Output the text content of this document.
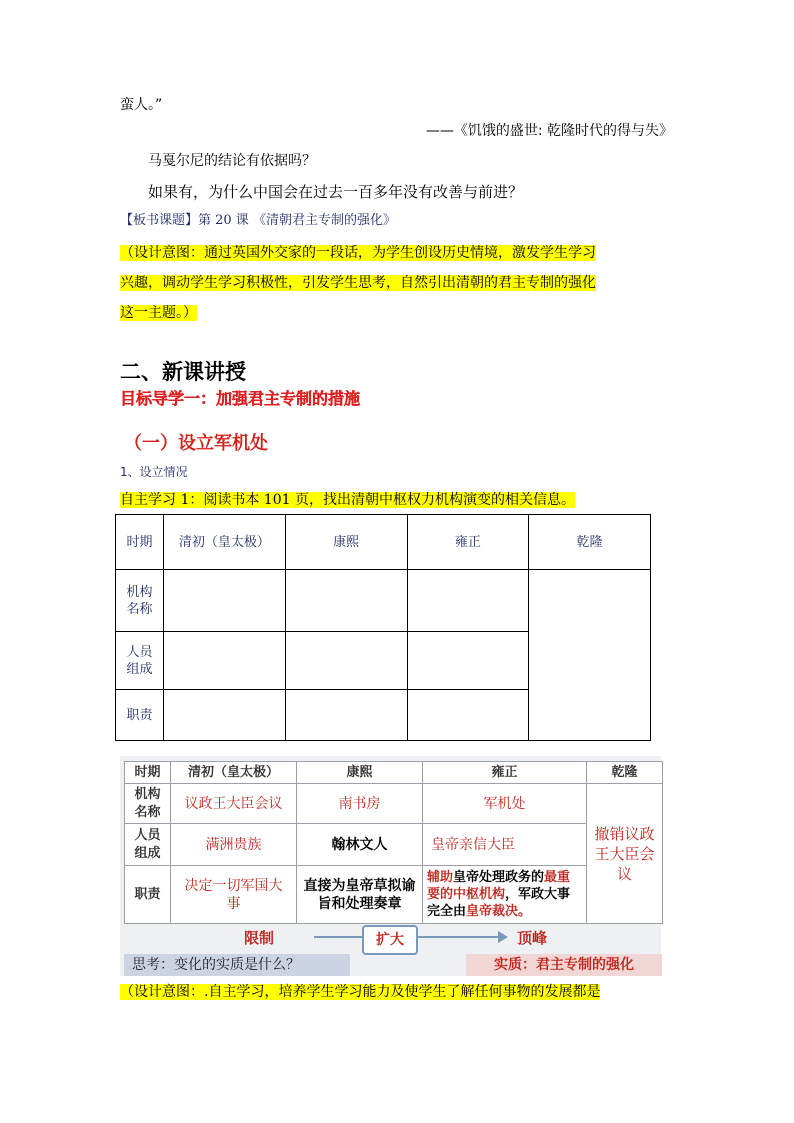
蛮人。”
——《饥饿的盛世: 乾隆时代的得与失》
马戛尔尼的结论有依据吗？
如果有，为什么中国会在过去一百多年没有改善与前进？
【板书课题】第 20 课 《清朝君主专制的强化》
（设计意图：通过英国外交家的一段话，为学生创设历史情境，激发学生学习
兴趣，调动学生学习积极性，引发学生思考，自然引出清朝的君主专制的强化
这一主题。）
二、新课讲授
目标导学一：加强君主专制的措施
（一）设立军机处
1、设立情况
自主学习 1：阅读书本 101 页，找出清朝中枢权力机构演变的相关信息。
时期	清初（皇太极）	康熙	雍正	乾隆
机构名称				
人员组成				
职责				
时期	清初（皇太极）	康熙	雍正	乾隆
机构名称	议政王大臣会议	南书房	军机处	撤销议政王大臣会议
人员组成	满洲贵族	翰林文人	皇帝亲信大臣	
职责	决定一切军国大事	直接为皇帝草拟谕旨和处理奏章	辅助皇帝处理政务的最重要的中枢机构，军政大事完全由皇帝裁决。	
限制	扩大	顶峰
思考：变化的实质是什么？	实质：君主专制的强化
（设计意图：.自主学习，培养学生学习能力及使学生了解任何事物的发展都是
